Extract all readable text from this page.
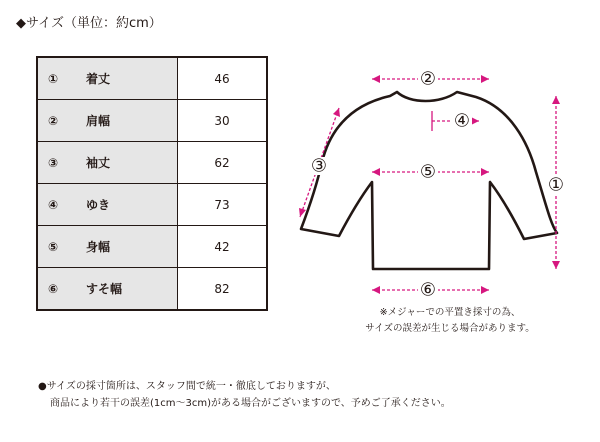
◆サイズ（単位：約cm）
① 着丈	46
② 肩幅	30
③ 袖丈	62
④ ゆき	73
⑤ 身幅	42
⑥ すそ幅	82
②
④
⑤
⑥
③
①
※メジャーでの平置き採寸の為、
サイズの誤差が生じる場合があります。
●サイズの採寸箇所は、スタッフ間で統一・徹底しておりますが、
商品により若干の誤差(1cm〜3cm)がある場合がございますので、予めご了承ください。
